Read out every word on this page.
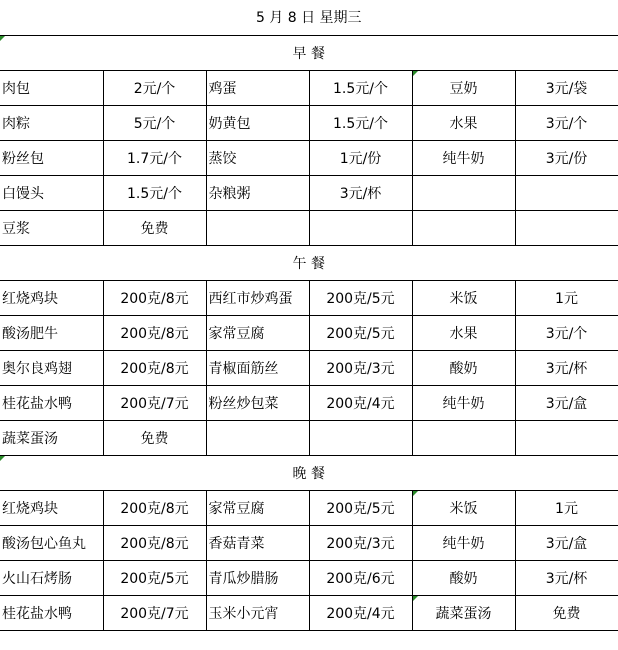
5 月 8 日 星期三					
早 餐					
肉包	2元/个	鸡蛋	1.5元/个	豆奶	3元/袋
肉粽	5元/个	奶黄包	1.5元/个	水果	3元/个
粉丝包	1.7元/个	蒸饺	1元/份	纯牛奶	3元/份
白馒头	1.5元/个	杂粮粥	3元/杯		
豆浆	免费				
午 餐					
红烧鸡块	200克/8元	西红市炒鸡蛋	200克/5元	米饭	1元
酸汤肥牛	200克/8元	家常豆腐	200克/5元	水果	3元/个
奥尔良鸡翅	200克/8元	青椒面筋丝	200克/3元	酸奶	3元/杯
桂花盐水鸭	200克/7元	粉丝炒包菜	200克/4元	纯牛奶	3元/盒
蔬菜蛋汤	免费				
晚 餐					
红烧鸡块	200克/8元	家常豆腐	200克/5元	米饭	1元
酸汤包心鱼丸	200克/8元	香菇青菜	200克/3元	纯牛奶	3元/盒
火山石烤肠	200克/5元	青瓜炒腊肠	200克/6元	酸奶	3元/杯
桂花盐水鸭	200克/7元	玉米小元宵	200克/4元	蔬菜蛋汤	免费
